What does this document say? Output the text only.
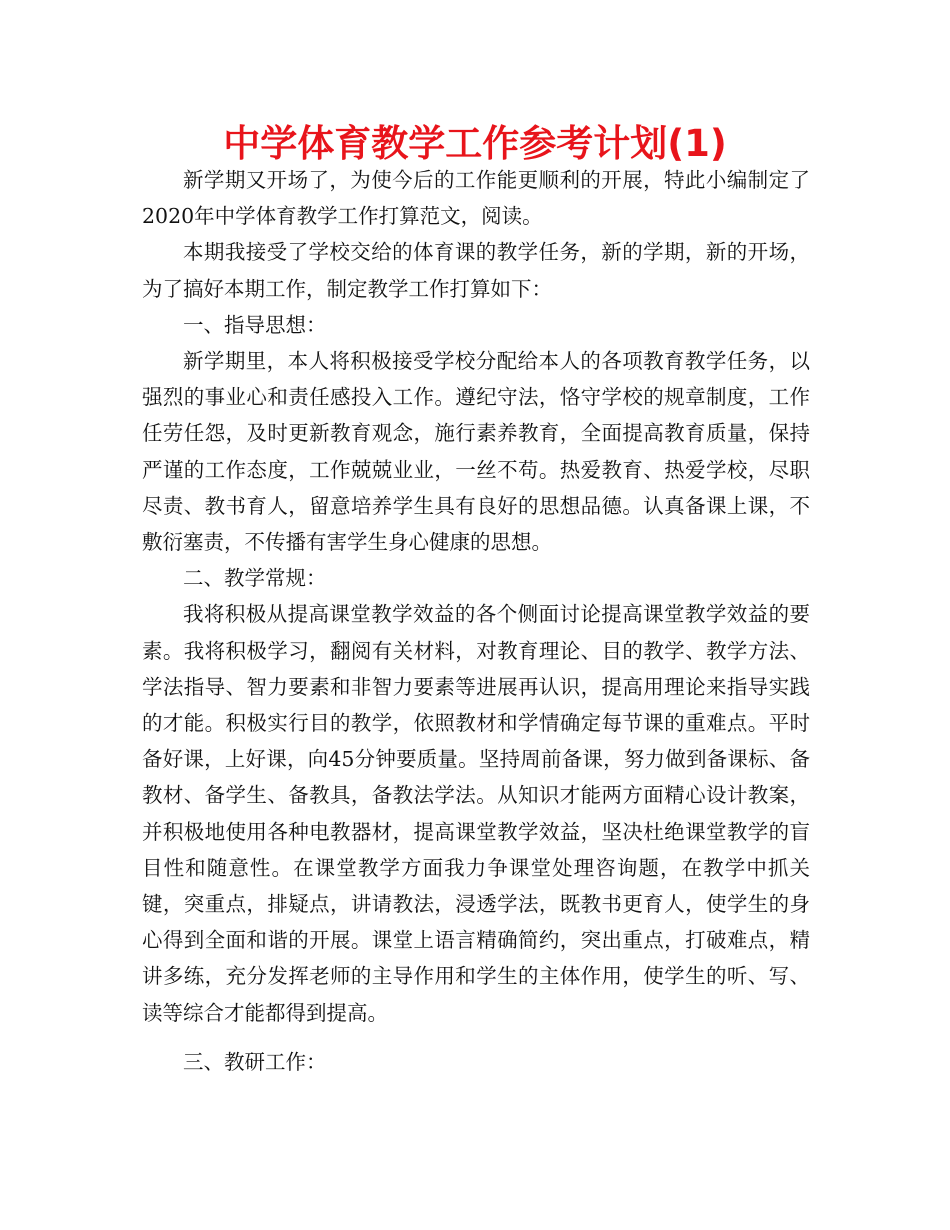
中学体育教学工作参考计划(1)

新学期又开场了，为使今后的工作能更顺利的开展，特此小编制定了2020年中学体育教学工作打算范文，阅读。

本期我接受了学校交给的体育课的教学任务，新的学期，新的开场，为了搞好本期工作，制定教学工作打算如下：

一、指导思想：

新学期里，本人将积极接受学校分配给本人的各项教育教学任务，以强烈的事业心和责任感投入工作。遵纪守法，恪守学校的规章制度，工作任劳任怨，及时更新教育观念，施行素养教育，全面提高教育质量，保持严谨的工作态度，工作兢兢业业，一丝不苟。热爱教育、热爱学校，尽职尽责、教书育人，留意培养学生具有良好的思想品德。认真备课上课，不敷衍塞责，不传播有害学生身心健康的思想。

二、教学常规：

我将积极从提高课堂教学效益的各个侧面讨论提高课堂教学效益的要素。我将积极学习，翻阅有关材料，对教育理论、目的教学、教学方法、学法指导、智力要素和非智力要素等进展再认识，提高用理论来指导实践的才能。积极实行目的教学，依照教材和学情确定每节课的重难点。平时备好课，上好课，向45分钟要质量。坚持周前备课，努力做到备课标、备教材、备学生、备教具，备教法学法。从知识才能两方面精心设计教案，并积极地使用各种电教器材，提高课堂教学效益，坚决杜绝课堂教学的盲目性和随意性。在课堂教学方面我力争课堂处理咨询题，在教学中抓关键，突重点，排疑点，讲请教法，浸透学法，既教书更育人，使学生的身心得到全面和谐的开展。课堂上语言精确简约，突出重点，打破难点，精讲多练，充分发挥老师的主导作用和学生的主体作用，使学生的听、写、读等综合才能都得到提高。

三、教研工作：
